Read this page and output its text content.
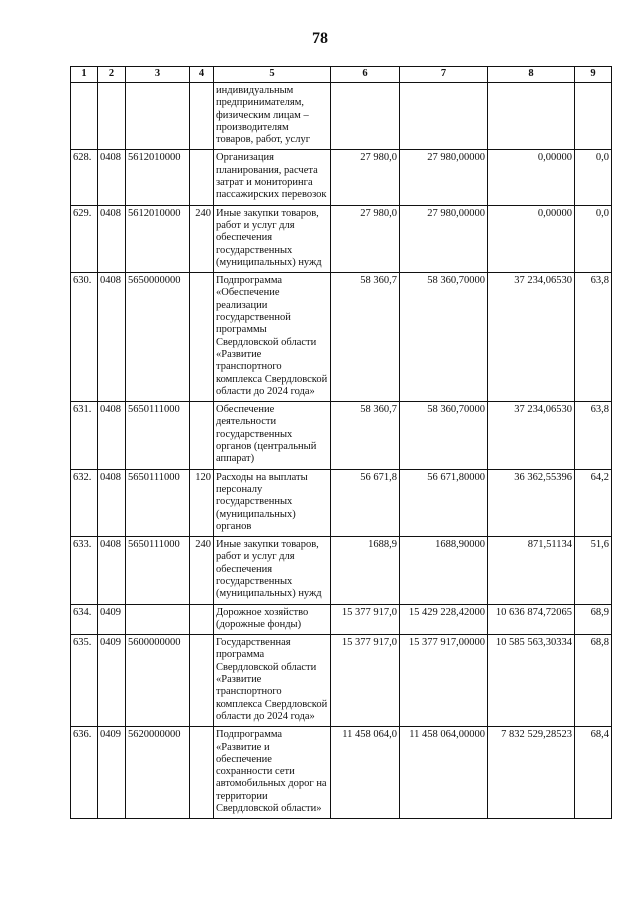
78
1	2	3	4	5	6	7	8	9
				индивидуальным предпринимателям, физическим лицам – производителям товаров, работ, услуг				
628.	0408	5612010000		Организация планирования, расчета затрат и мониторинга пассажирских перевозок	27 980,0	27 980,00000	0,00000	0,0
629.	0408	5612010000	240	Иные закупки товаров, работ и услуг для обеспечения государственных (муниципальных) нужд	27 980,0	27 980,00000	0,00000	0,0
630.	0408	5650000000		Подпрограмма «Обеспечение реализации государственной программы Свердловской области «Развитие транспортного комплекса Свердловской области до 2024 года»	58 360,7	58 360,70000	37 234,06530	63,8
631.	0408	5650111000		Обеспечение деятельности государственных органов (центральный аппарат)	58 360,7	58 360,70000	37 234,06530	63,8
632.	0408	5650111000	120	Расходы на выплаты персоналу государственных (муниципальных) органов	56 671,8	56 671,80000	36 362,55396	64,2
633.	0408	5650111000	240	Иные закупки товаров, работ и услуг для обеспечения государственных (муниципальных) нужд	1688,9	1688,90000	871,51134	51,6
634.	0409			Дорожное хозяйство (дорожные фонды)	15 377 917,0	15 429 228,42000	10 636 874,72065	68,9
635.	0409	5600000000		Государственная программа Свердловской области «Развитие транспортного комплекса Свердловской области до 2024 года»	15 377 917,0	15 377 917,00000	10 585 563,30334	68,8
636.	0409	5620000000		Подпрограмма «Развитие и обеспечение сохранности сети автомобильных дорог на территории Свердловской области»	11 458 064,0	11 458 064,00000	7 832 529,28523	68,4
